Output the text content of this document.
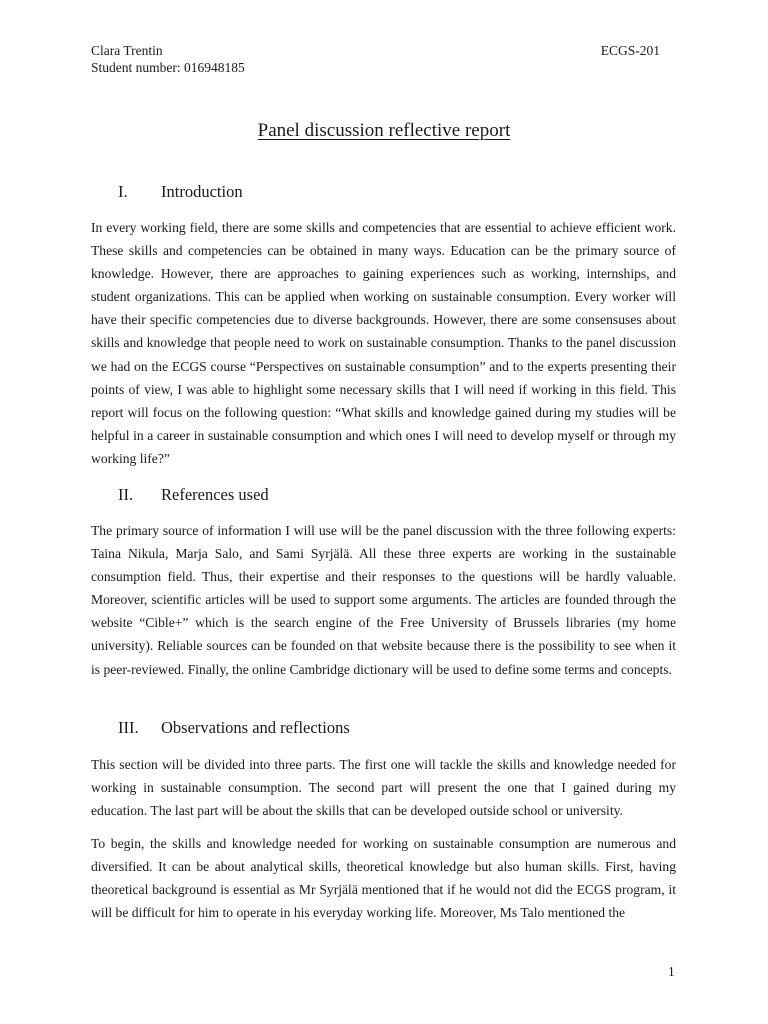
Clara Trentin	ECGS-201
Student number: 016948185
Panel discussion reflective report
I.	Introduction

In every working field, there are some skills and competencies that are essential to achieve efficient work. These skills and competencies can be obtained in many ways. Education can be the primary source of knowledge. However, there are approaches to gaining experiences such as working, internships, and student organizations. This can be applied when working on sustainable consumption. Every worker will have their specific competencies due to diverse backgrounds. However, there are some consensuses about skills and knowledge that people need to work on sustainable consumption. Thanks to the panel discussion we had on the ECGS course “Perspectives on sustainable consumption” and to the experts presenting their points of view, I was able to highlight some necessary skills that I will need if working in this field. This report will focus on the following question: “What skills and knowledge gained during my studies will be helpful in a career in sustainable consumption and which ones I will need to develop myself or through my working life?”

II.	References used

The primary source of information I will use will be the panel discussion with the three following experts: Taina Nikula, Marja Salo, and Sami Syrjälä. All these three experts are working in the sustainable consumption field. Thus, their expertise and their responses to the questions will be hardly valuable. Moreover, scientific articles will be used to support some arguments. The articles are founded through the website “Cible+” which is the search engine of the Free University of Brussels libraries (my home university). Reliable sources can be founded on that website because there is the possibility to see when it is peer-reviewed. Finally, the online Cambridge dictionary will be used to define some terms and concepts.

III.	Observations and reflections

This section will be divided into three parts. The first one will tackle the skills and knowledge needed for working in sustainable consumption. The second part will present the one that I gained during my education. The last part will be about the skills that can be developed outside school or university.

To begin, the skills and knowledge needed for working on sustainable consumption are numerous and diversified. It can be about analytical skills, theoretical knowledge but also human skills. First, having theoretical background is essential as Mr Syrjälä mentioned that if he would not did the ECGS program, it will be difficult for him to operate in his everyday working life. Moreover, Ms Talo mentioned the

1
